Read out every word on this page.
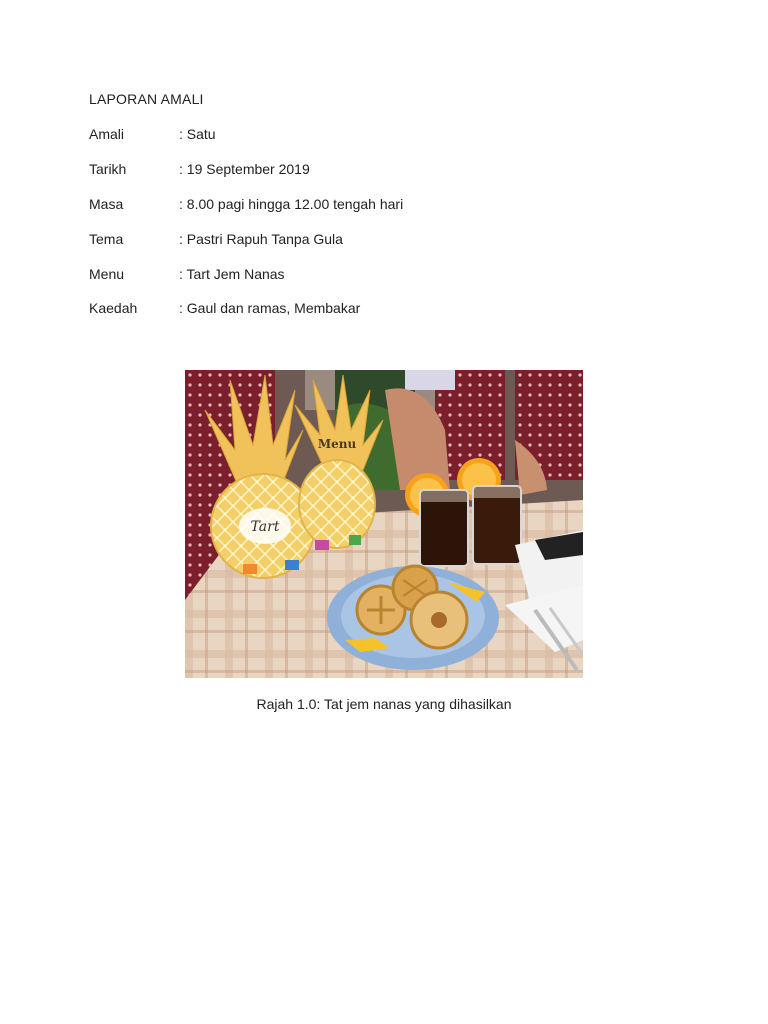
LAPORAN AMALI
Amali	: Satu
Tarikh	: 19 September 2019
Masa	: 8.00 pagi hingga 12.00 tengah hari
Tema	: Pastri Rapuh Tanpa Gula
Menu	: Tart Jem Nanas
Kaedah	: Gaul dan ramas, Membakar
Tart
Menu
Rajah 1.0: Tat jem nanas yang dihasilkan
